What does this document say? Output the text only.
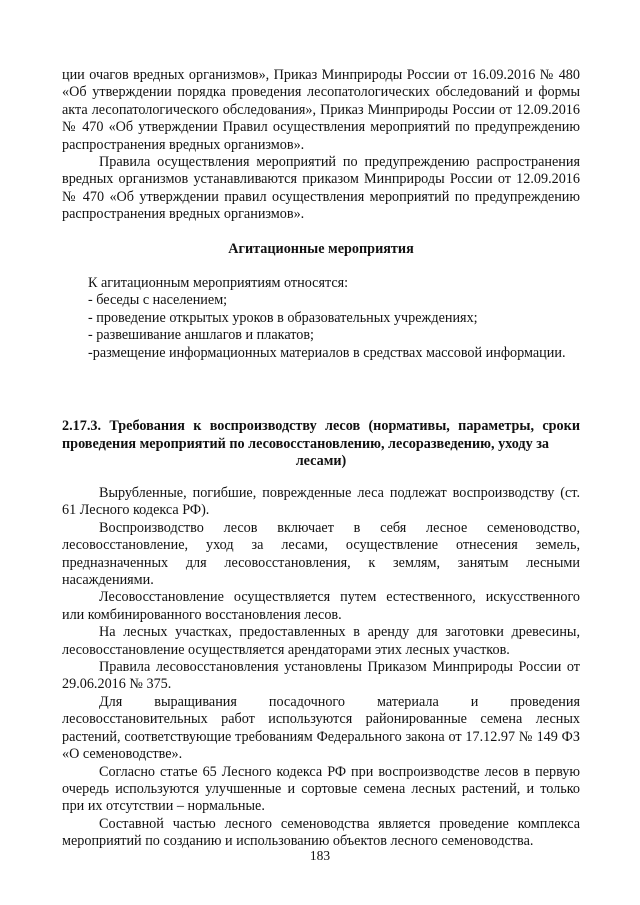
ции очагов вредных организмов», Приказ Минприроды России от 16.09.2016 № 480 «Об утверждении порядка проведения лесопатологических обследований и формы акта лесопатологического обследования», Приказ Минприроды России от 12.09.2016 № 470 «Об утверждении Правил осуществления мероприятий по предупреждению распространения вредных организмов».

Правила осуществления мероприятий по предупреждению распространения вредных организмов устанавливаются приказом Минприроды России от 12.09.2016 № 470 «Об утверждении правил осуществления мероприятий по предупреждению распространения вредных организмов».

Агитационные мероприятия

К агитационным мероприятиям относятся:

- беседы с населением;

- проведение открытых уроков в образовательных учреждениях;

- развешивание аншлагов и плакатов;

-размещение информационных материалов в средствах массовой информации.

2.17.3. Требования к воспроизводству лесов (нормативы, параметры, сроки проведения мероприятий по лесовосстановлению, лесоразведению, уходу за
лесами)

Вырубленные, погибшие, поврежденные леса подлежат воспроизводству (ст. 61 Лесного кодекса РФ).

Воспроизводство лесов включает в себя лесное семеноводство, лесовосстановление, уход за лесами, осуществление отнесения земель, предназначенных для лесовосстановления, к землям, занятым лесными насаждениями.

Лесовосстановление осуществляется путем естественного, искусственного или комбинированного восстановления лесов.

На лесных участках, предоставленных в аренду для заготовки древесины, лесовосстановление осуществляется арендаторами этих лесных участков.

Правила лесовосстановления установлены Приказом Минприроды России от 29.06.2016 № 375.

Для выращивания посадочного материала и проведения лесовосстановительных работ используются районированные семена лесных растений, соответствующие требованиям Федерального закона от 17.12.97 № 149 ФЗ «О семеноводстве».

Согласно статье 65 Лесного кодекса РФ при воспроизводстве лесов в первую очередь используются улучшенные и сортовые семена лесных растений, и только при их отсутствии – нормальные.

Составной частью лесного семеноводства является проведение комплекса мероприятий по созданию и использованию объектов лесного семеноводства.

183
